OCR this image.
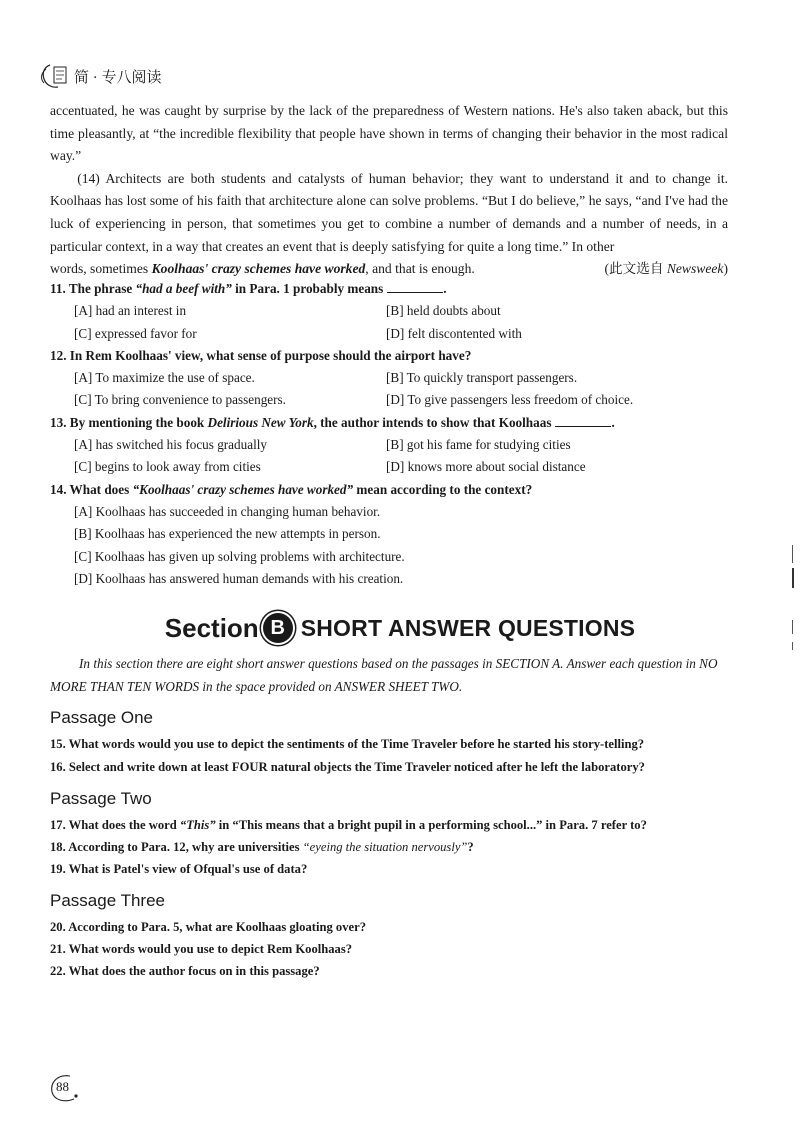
简 · 专八阅读

accentuated, he was caught by surprise by the lack of the preparedness of Western nations. He's also taken aback, but this time pleasantly, at “the incredible flexibility that people have shown in terms of changing their behavior in the most radical way.”

(14) Architects are both students and catalysts of human behavior; they want to understand it and to change it. Koolhaas has lost some of his faith that architecture alone can solve problems. “But I do believe,” he says, “and I've had the luck of experiencing in person, that sometimes you get to combine a number of demands and a number of needs, in a particular context, in a way that creates an event that is deeply satisfying for quite a long time.” In other

words, sometimes Koolhaas' crazy schemes have worked, and that is enough.	(此文选自 Newsweek)
11. The phrase “had a beef with” in Para. 1 probably means	.
[A] had an interest in	[B] held doubts about
[C] expressed favor for	[D] felt discontented with
12. In Rem Koolhaas' view, what sense of purpose should the airport have?
[A] To maximize the use of space.	[B] To quickly transport passengers.
[C] To bring convenience to passengers.	[D] To give passengers less freedom of choice.
13. By mentioning the book Delirious New York, the author intends to show that Koolhaas	.
[A] has switched his focus gradually	[B] got his fame for studying cities
[C] begins to look away from cities	[D] knows more about social distance
14. What does “Koolhaas' crazy schemes have worked” mean according to the context?
[A] Koolhaas has succeeded in changing human behavior.
[B] Koolhaas has experienced the new attempts in person.
[C] Koolhaas has given up solving problems with architecture.
[D] Koolhaas has answered human demands with his creation.
Section B SHORT ANSWER QUESTIONS
In this section there are eight short answer questions based on the passages in SECTION A. Answer each question in NO MORE THAN TEN WORDS in the space provided on ANSWER SHEET TWO.
Passage One
15. What words would you use to depict the sentiments of the Time Traveler before he started his story-telling?
16. Select and write down at least FOUR natural objects the Time Traveler noticed after he left the laboratory?
Passage Two
17. What does the word “This” in “This means that a bright pupil in a performing school...” in Para. 7 refer to?
18. According to Para. 12, why are universities “eyeing the situation nervously”?
19. What is Patel's view of Ofqual's use of data?
Passage Three
20. According to Para. 5, what are Koolhaas gloating over?
21. What words would you use to depict Rem Koolhaas?
22. What does the author focus on in this passage?
88
